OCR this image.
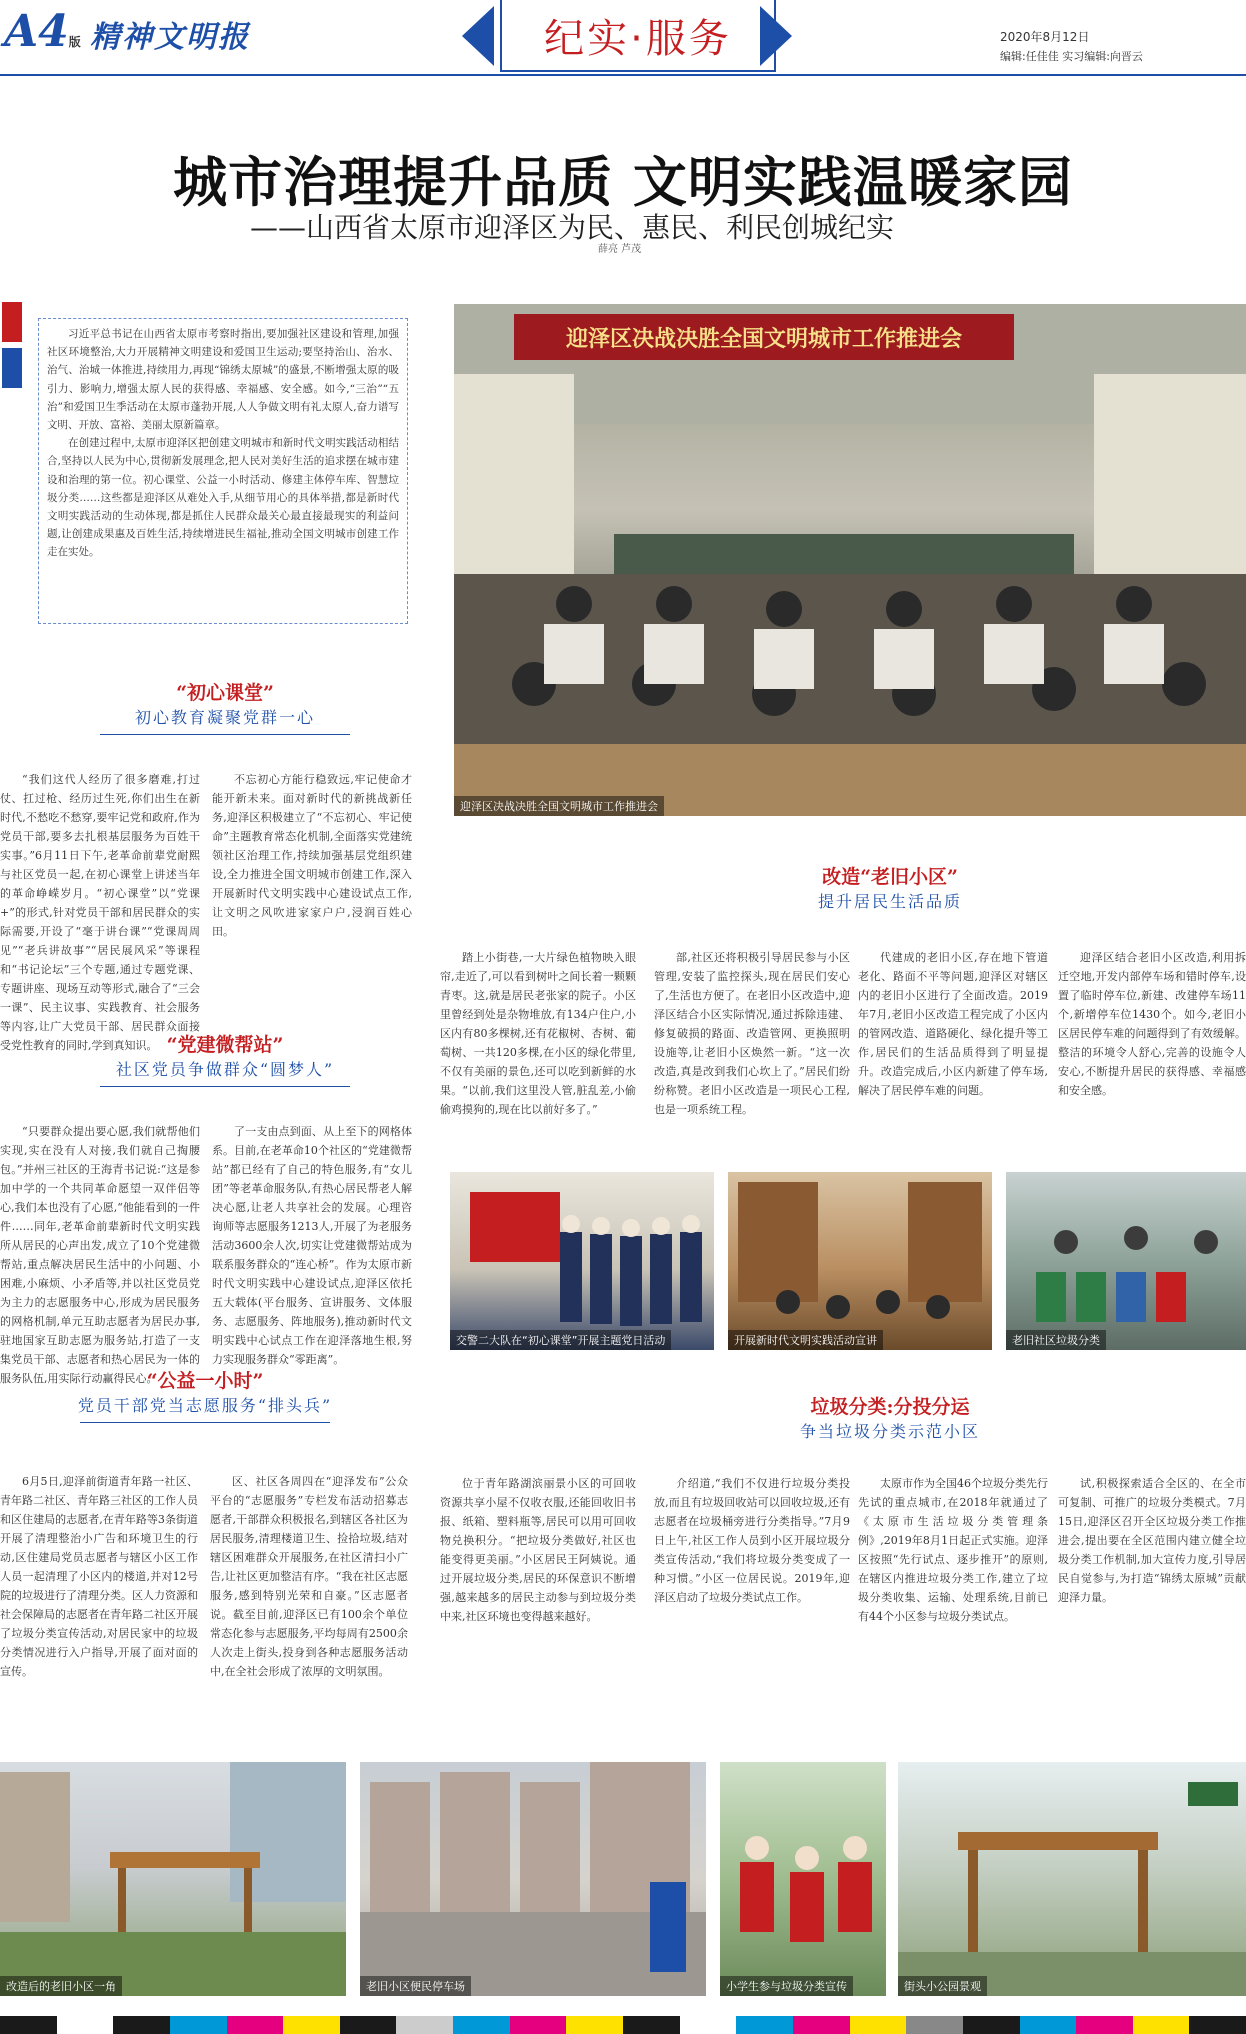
A4版 精神文明报	纪实·服务	2020年8月12日
编辑:任佳佳 实习编辑:向晋云
城市治理提升品质 文明实践温暖家园
——山西省太原市迎泽区为民、惠民、利民创城纪实
薛亮 芦茂

习近平总书记在山西省太原市考察时指出,要加强社区建设和管理,加强社区环境整治,大力开展精神文明建设和爱国卫生运动;要坚持治山、治水、治气、治城一体推进,持续用力,再现“锦绣太原城”的盛景,不断增强太原的吸引力、影响力,增强太原人民的获得感、幸福感、安全感。如今,“三治”“五治”和爱国卫生季活动在太原市蓬勃开展,人人争做文明有礼太原人,奋力谱写文明、开放、富裕、美丽太原新篇章。

在创建过程中,太原市迎泽区把创建文明城市和新时代文明实践活动相结合,坚持以人民为中心,贯彻新发展理念,把人民对美好生活的追求摆在城市建设和治理的第一位。初心课堂、公益一小时活动、修建主体停车库、智慧垃圾分类……这些都是迎泽区从难处入手,从细节用心的具体举措,都是新时代文明实践活动的生动体现,都是抓住人民群众最关心最直接最现实的利益问题,让创建成果惠及百姓生活,持续增进民生福祉,推动全国文明城市创建工作走在实处。

迎泽区决战决胜全国文明城市工作推进会
迎泽区决战决胜全国文明城市工作推进会
“初心课堂”
初心教育凝聚党群一心

“我们这代人经历了很多磨难,打过仗、扛过枪、经历过生死,你们出生在新时代,不愁吃不愁穿,要牢记党和政府,作为党员干部,要多去扎根基层服务为百姓干实事。”6月11日下午,老革命前辈党耐熙与社区党员一起,在初心课堂上讲述当年的革命峥嵘岁月。“初心课堂”以“党课+”的形式,针对党员干部和居民群众的实际需要,开设了“毫于讲台课”“党课周周见”“老兵讲故事”“居民展风采”等课程和“书记论坛”三个专题,通过专题党课、专题讲座、现场互动等形式,融合了“三会一课”、民主议事、实践教育、社会服务等内容,让广大党员干部、居民群众面接受党性教育的同时,学到真知识。

不忘初心方能行稳致远,牢记使命才能开新未来。面对新时代的新挑战新任务,迎泽区积极建立了“不忘初心、牢记使命”主题教育常态化机制,全面落实党建统领社区治理工作,持续加强基层党组织建设,全力推进全国文明城市创建工作,深入开展新时代文明实践中心建设试点工作,让文明之风吹进家家户户,浸润百姓心田。

“党建微帮站”
社区党员争做群众“圆梦人”

“只要群众提出要心愿,我们就帮他们实现,实在没有人对接,我们就自己掏腰包。”并州三社区的王海青书记说:“这是参加中学的一个共同革命愿望一双伴侣等心,我们本也没有了心愿,“他能看到的一件件……同年,老革命前辈新时代文明实践所从居民的心声出发,成立了10个党建微帮站,重点解决居民生活中的小问题、小困难,小麻烦、小矛盾等,并以社区党员党为主力的志愿服务中心,形成为居民服务的网格机制,单元互助志愿者为居民办事,驻地国家互助志愿为服务站,打造了一支集党员干部、志愿者和热心居民为一体的服务队伍,用实际行动赢得民心。

了一支由点到面、从上至下的网格体系。目前,在老革命10个社区的“党建微帮站”都已经有了自己的特色服务,有“女儿团”等老革命服务队,有热心居民帮老人解决心愿,让老人共享社会的发展。心理咨询师等志愿服务1213人,开展了为老服务活动3600余人次,切实让党建微帮站成为联系服务群众的“连心桥”。作为太原市新时代文明实践中心建设试点,迎泽区依托五大载体(平台服务、宣讲服务、文体服务、志愿服务、阵地服务),推动新时代文明实践中心试点工作在迎泽落地生根,努力实现服务群众“零距离”。

“公益一小时”
党员干部党当志愿服务“排头兵”

6月5日,迎泽前街道青年路一社区、青年路二社区、青年路三社区的工作人员和区住建局的志愿者,在青年路等3条街道开展了清理整治小广告和环境卫生的行动,区住建局党员志愿者与辖区小区工作人员一起清理了小区内的楼道,并对12号院的垃圾进行了清理分类。区人力资源和社会保障局的志愿者在青年路二社区开展了垃圾分类宣传活动,对居民家中的垃圾分类情况进行入户指导,开展了面对面的宣传。

区、社区各周四在“迎泽发布”公众平台的“志愿服务”专栏发布活动招募志愿者,干部群众积极报名,到辖区各社区为居民服务,清理楼道卫生、捡拾垃圾,结对辖区困难群众开展服务,在社区清扫小广告,让社区更加整洁有序。“我在社区志愿服务,感到特别光荣和自豪。”区志愿者说。截至目前,迎泽区已有100余个单位常态化参与志愿服务,平均每周有2500余人次走上街头,投身到各种志愿服务活动中,在全社会形成了浓厚的文明氛围。

改造“老旧小区”
提升居民生活品质

踏上小街巷,一大片绿色植物映入眼帘,走近了,可以看到树叶之间长着一颗颗青枣。这,就是居民老张家的院子。小区里曾经到处是杂物堆放,有134户住户,小区内有80多棵树,还有花椒树、杏树、葡萄树、一共120多棵,在小区的绿化带里,不仅有美丽的景色,还可以吃到新鲜的水果。“以前,我们这里没人管,脏乱差,小偷偷鸡摸狗的,现在比以前好多了。”

部,社区还将积极引导居民参与小区管理,安装了监控探头,现在居民们安心了,生活也方便了。在老旧小区改造中,迎泽区结合小区实际情况,通过拆除违建、修复破损的路面、改造管网、更换照明设施等,让老旧小区焕然一新。“这一次改造,真是改到我们心坎上了。”居民们纷纷称赞。老旧小区改造是一项民心工程,也是一项系统工程。

代建成的老旧小区,存在地下管道老化、路面不平等问题,迎泽区对辖区内的老旧小区进行了全面改造。2019年7月,老旧小区改造工程完成了小区内的管网改造、道路硬化、绿化提升等工作,居民们的生活品质得到了明显提升。改造完成后,小区内新建了停车场,解决了居民停车难的问题。

迎泽区结合老旧小区改造,利用拆迁空地,开发内部停车场和错时停车,设置了临时停车位,新建、改建停车场11个,新增停车位1430个。如今,老旧小区居民停车难的问题得到了有效缓解。整洁的环境令人舒心,完善的设施令人安心,不断提升居民的获得感、幸福感和安全感。

交警二大队在“初心课堂”开展主题党日活动	开展新时代文明实践活动宣讲	老旧社区垃圾分类
垃圾分类:分投分运
争当垃圾分类示范小区

位于青年路湖滨丽景小区的可回收资源共享小屋不仅收衣服,还能回收旧书报、纸箱、塑料瓶等,居民可以用可回收物兑换积分。“把垃圾分类做好,社区也能变得更美丽。”小区居民王阿姨说。通过开展垃圾分类,居民的环保意识不断增强,越来越多的居民主动参与到垃圾分类中来,社区环境也变得越来越好。

介绍道,“我们不仅进行垃圾分类投放,而且有垃圾回收站可以回收垃圾,还有志愿者在垃圾桶旁进行分类指导。”7月9日上午,社区工作人员到小区开展垃圾分类宣传活动,“我们将垃圾分类变成了一种习惯。”小区一位居民说。2019年,迎泽区启动了垃圾分类试点工作。

太原市作为全国46个垃圾分类先行先试的重点城市,在2018年就通过了《太原市生活垃圾分类管理条例》,2019年8月1日起正式实施。迎泽区按照“先行试点、逐步推开”的原则,在辖区内推进垃圾分类工作,建立了垃圾分类收集、运输、处理系统,目前已有44个小区参与垃圾分类试点。

试,积极探索适合全区的、在全市可复制、可推广的垃圾分类模式。7月15日,迎泽区召开全区垃圾分类工作推进会,提出要在全区范围内建立健全垃圾分类工作机制,加大宣传力度,引导居民自觉参与,为打造“锦绣太原城”贡献迎泽力量。

改造后的老旧小区一角	老旧小区便民停车场	小学生参与垃圾分类宣传	街头小公园景观
